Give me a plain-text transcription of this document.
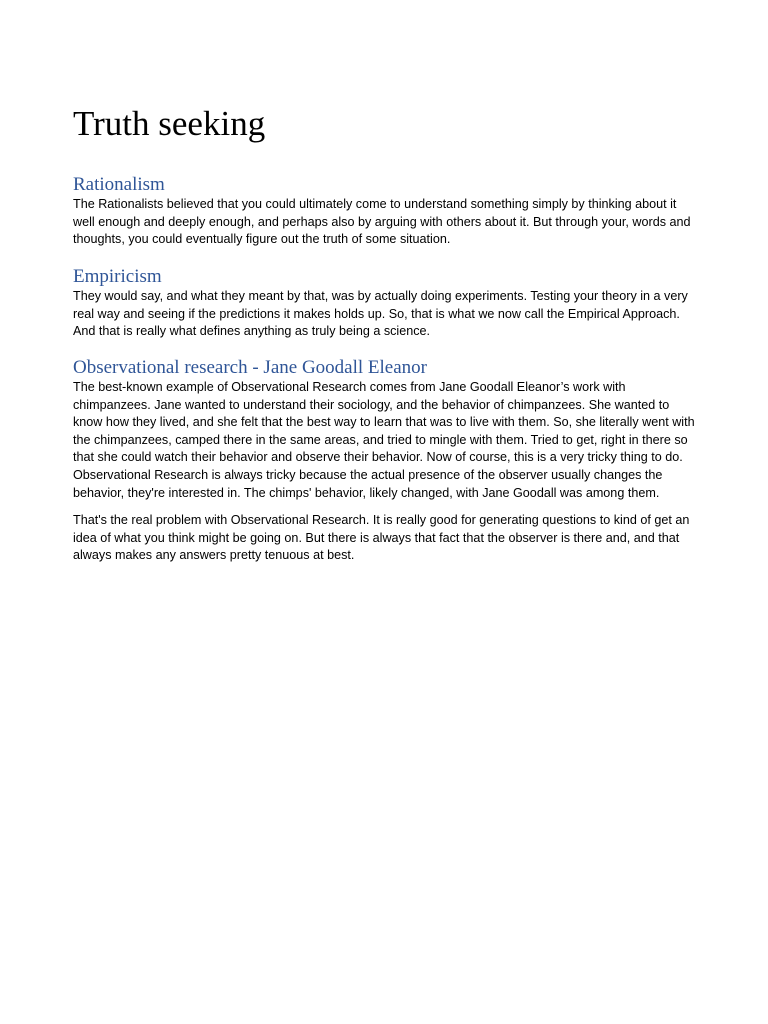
Truth seeking
Rationalism

The Rationalists believed that you could ultimately come to understand something simply by thinking about it well enough and deeply enough, and perhaps also by arguing with others about it. But through your, words and thoughts, you could eventually figure out the truth of some situation.

Empiricism

They would say, and what they meant by that, was by actually doing experiments. Testing your theory in a very real way and seeing if the predictions it makes holds up. So, that is what we now call the Empirical Approach. And that is really what defines anything as truly being a science.

Observational research - Jane Goodall Eleanor

The best-known example of Observational Research comes from Jane Goodall Eleanor’s work with chimpanzees. Jane wanted to understand their sociology, and the behavior of chimpanzees. She wanted to know how they lived, and she felt that the best way to learn that was to live with them. So, she literally went with the chimpanzees, camped there in the same areas, and tried to mingle with them. Tried to get, right in there so that she could watch their behavior and observe their behavior. Now of course, this is a very tricky thing to do. Observational Research is always tricky because the actual presence of the observer usually changes the behavior, they're interested in. The chimps' behavior, likely changed, with Jane Goodall was among them.

That's the real problem with Observational Research. It is really good for generating questions to kind of get an idea of what you think might be going on. But there is always that fact that the observer is there and, and that always makes any answers pretty tenuous at best.
